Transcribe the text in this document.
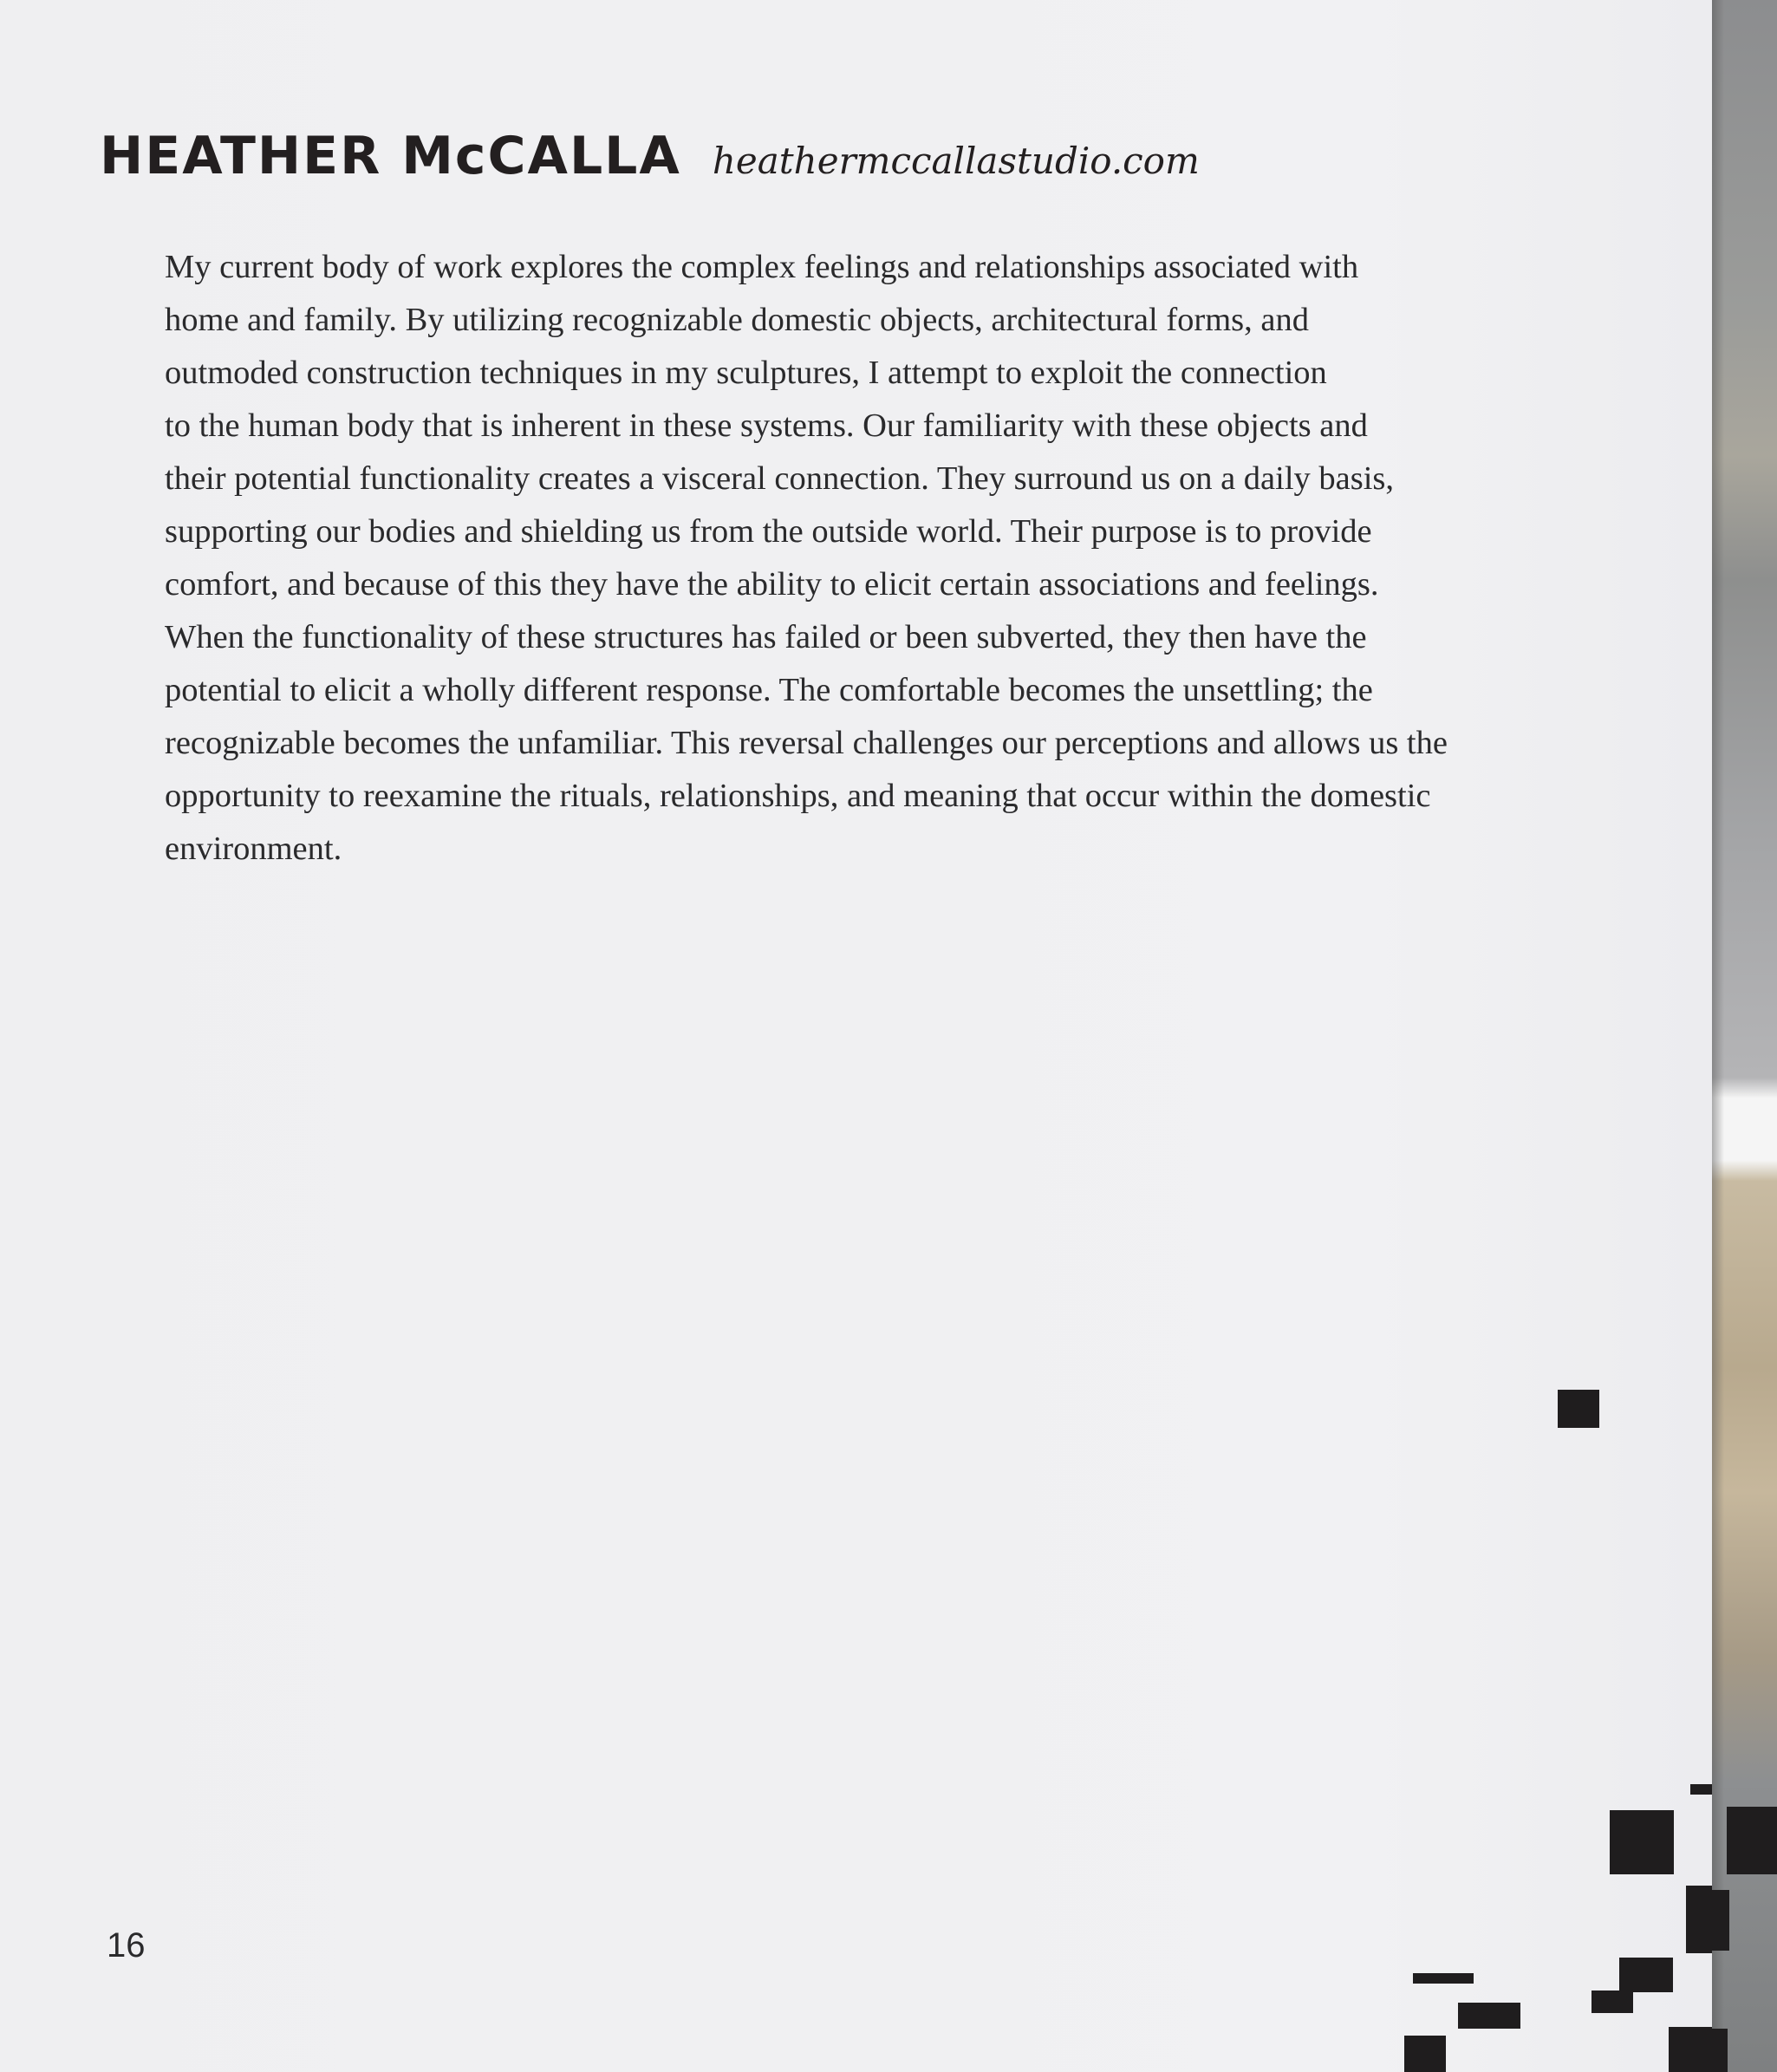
HEATHER McCALLA heathermccallastudio.com
My current body of work explores the complex feelings and relationships associated with
home and family. By utilizing recognizable domestic objects, architectural forms, and
outmoded construction techniques in my sculptures, I attempt to exploit the connection
to the human body that is inherent in these systems. Our familiarity with these objects and
their potential functionality creates a visceral connection. They surround us on a daily basis,
supporting our bodies and shielding us from the outside world. Their purpose is to provide
comfort, and because of this they have the ability to elicit certain associations and feelings.
When the functionality of these structures has failed or been subverted, they then have the
potential to elicit a wholly different response. The comfortable becomes the unsettling; the
recognizable becomes the unfamiliar. This reversal challenges our perceptions and allows us the
opportunity to reexamine the rituals, relationships, and meaning that occur within the domestic
environment.
16
